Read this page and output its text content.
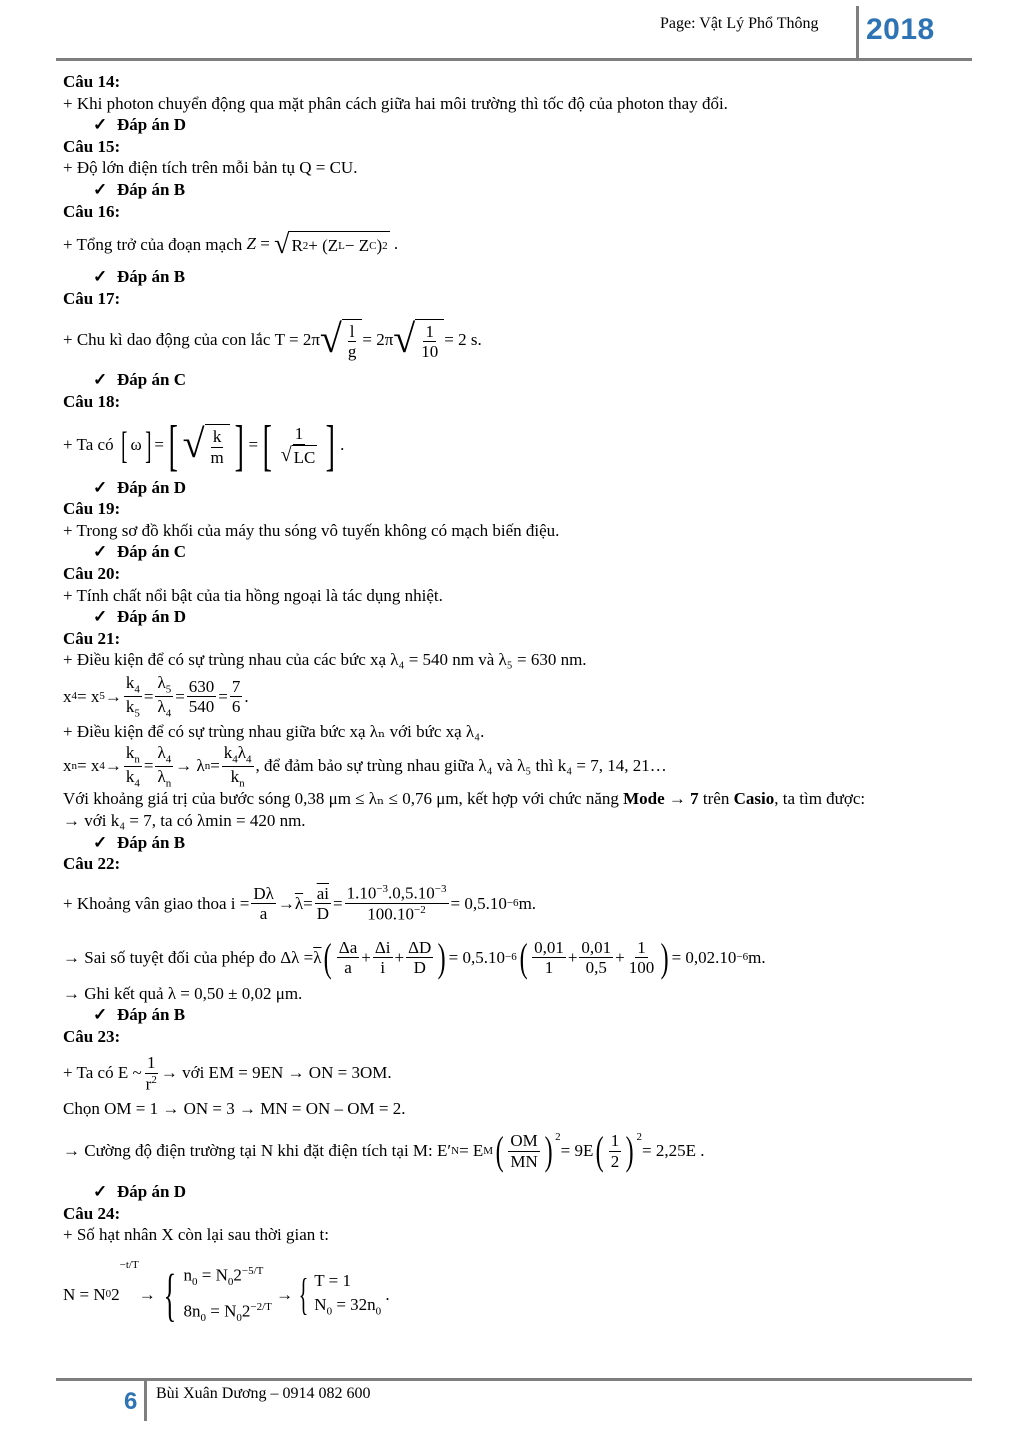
Page: Vật Lý Phổ Thông 2018
Câu 14:
+ Khi photon chuyển động qua mặt phân cách giữa hai môi trường thì tốc độ của photon thay đổi.
✓ Đáp án D
Câu 15:
+ Độ lớn điện tích trên mỗi bản tụ Q = CU.
✓ Đáp án B
Câu 16:
+ Tổng trở của đoạn mạch
Z = √ R 2 + (Z L − Z C ) 2 .
✓ Đáp án B
Câu 17:
+ Chu kì dao động của con lắc
T = 2π √ l
g
= 2π √ 1
10
= 2 s.
✓ Đáp án C
Câu 18:
+ Ta có
[ ω ] = [ √ k
m ] = [ 1
√ LC ] .
✓ Đáp án D
Câu 19:
+ Trong sơ đồ khối của máy thu sóng vô tuyến không có mạch biến điệu.
✓ Đáp án C
Câu 20:
+ Tính chất nổi bật của tia hồng ngoại là tác dụng nhiệt.
✓ Đáp án D
Câu 21:
+ Điều kiện để có sự trùng nhau của các bức xạ λ₄ = 540 nm và λ₅ = 630 nm.
x 4 = x 5 →
$k_4$
$k_5$
=
$\lambda_5$
$\lambda_4$
=
630
540
=
7
6
.
+ Điều kiện để có sự trùng nhau giữa bức xạ λₙ với bức xạ λ₄.
x n = x 4 →
$k_n$
$k_4$
=
$\lambda_4$
$\lambda_n$
→ λ n =
$k_4\lambda_4$
$k_n$
, để đảm bảo sự trùng nhau giữa λ₄ và λ₅ thì k₄ = 7, 14, 21…
Với khoảng giá trị của bước sóng 0,38 μm ≤ λₙ ≤ 0,76 μm, kết hợp với chức năng Mode → 7 trên Casio, ta tìm được:
→ với k₄ = 7, ta có λmin = 420 nm.
✓ Đáp án B
Câu 22:
+ Khoảng vân giao thoa
i =
Dλ
a
→ $\overline{\lambda}$ =
$\overline{ai}$
$\overline{D}$
=
$1.10^{-3}.0,5.10^{-3}$
$100.10^{-2} = 0,5.10 -6$ m.
→ Sai số tuyệt đối của phép đo
$\Delta\lambda = \overline{\lambda}$ ( Δa
$\overline{a}$
+
Δi
$\overline{i}$
+
ΔD
$\overline{D}$ ) = 0,5.10 −6 ( 0,01
1
+
0,01
0,5
+
1
100 ) = 0,02.10 −6 m.
→ Ghi kết quả λ = 0,50 ± 0,02 μm.
✓ Đáp án B
Câu 23:
+ Ta có
E ~
1
$r^2$ → với EM = 9EN → ON = 3OM.
Chọn OM = 1 → ON = 3 → MN = ON – OM = 2.
→ Cường độ điện trường tại N khi đặt điện tích tại M:
E′ N = E M ( OM
MN )$^2$
= 9E ( 1
2 )$^2$
= 2,25E .
✓ Đáp án D
Câu 24:
+ Số hạt nhân X còn lại sau thời gian t:
N = N 0 2
−t/T
→ { $n_0 = N_02^{-5/T}$
$8n_0 = N_02^{-2/T}$
→ { T = 1
$N_0 = 32n_0$
.
6 Bùi Xuân Dương – 0914 082 600
